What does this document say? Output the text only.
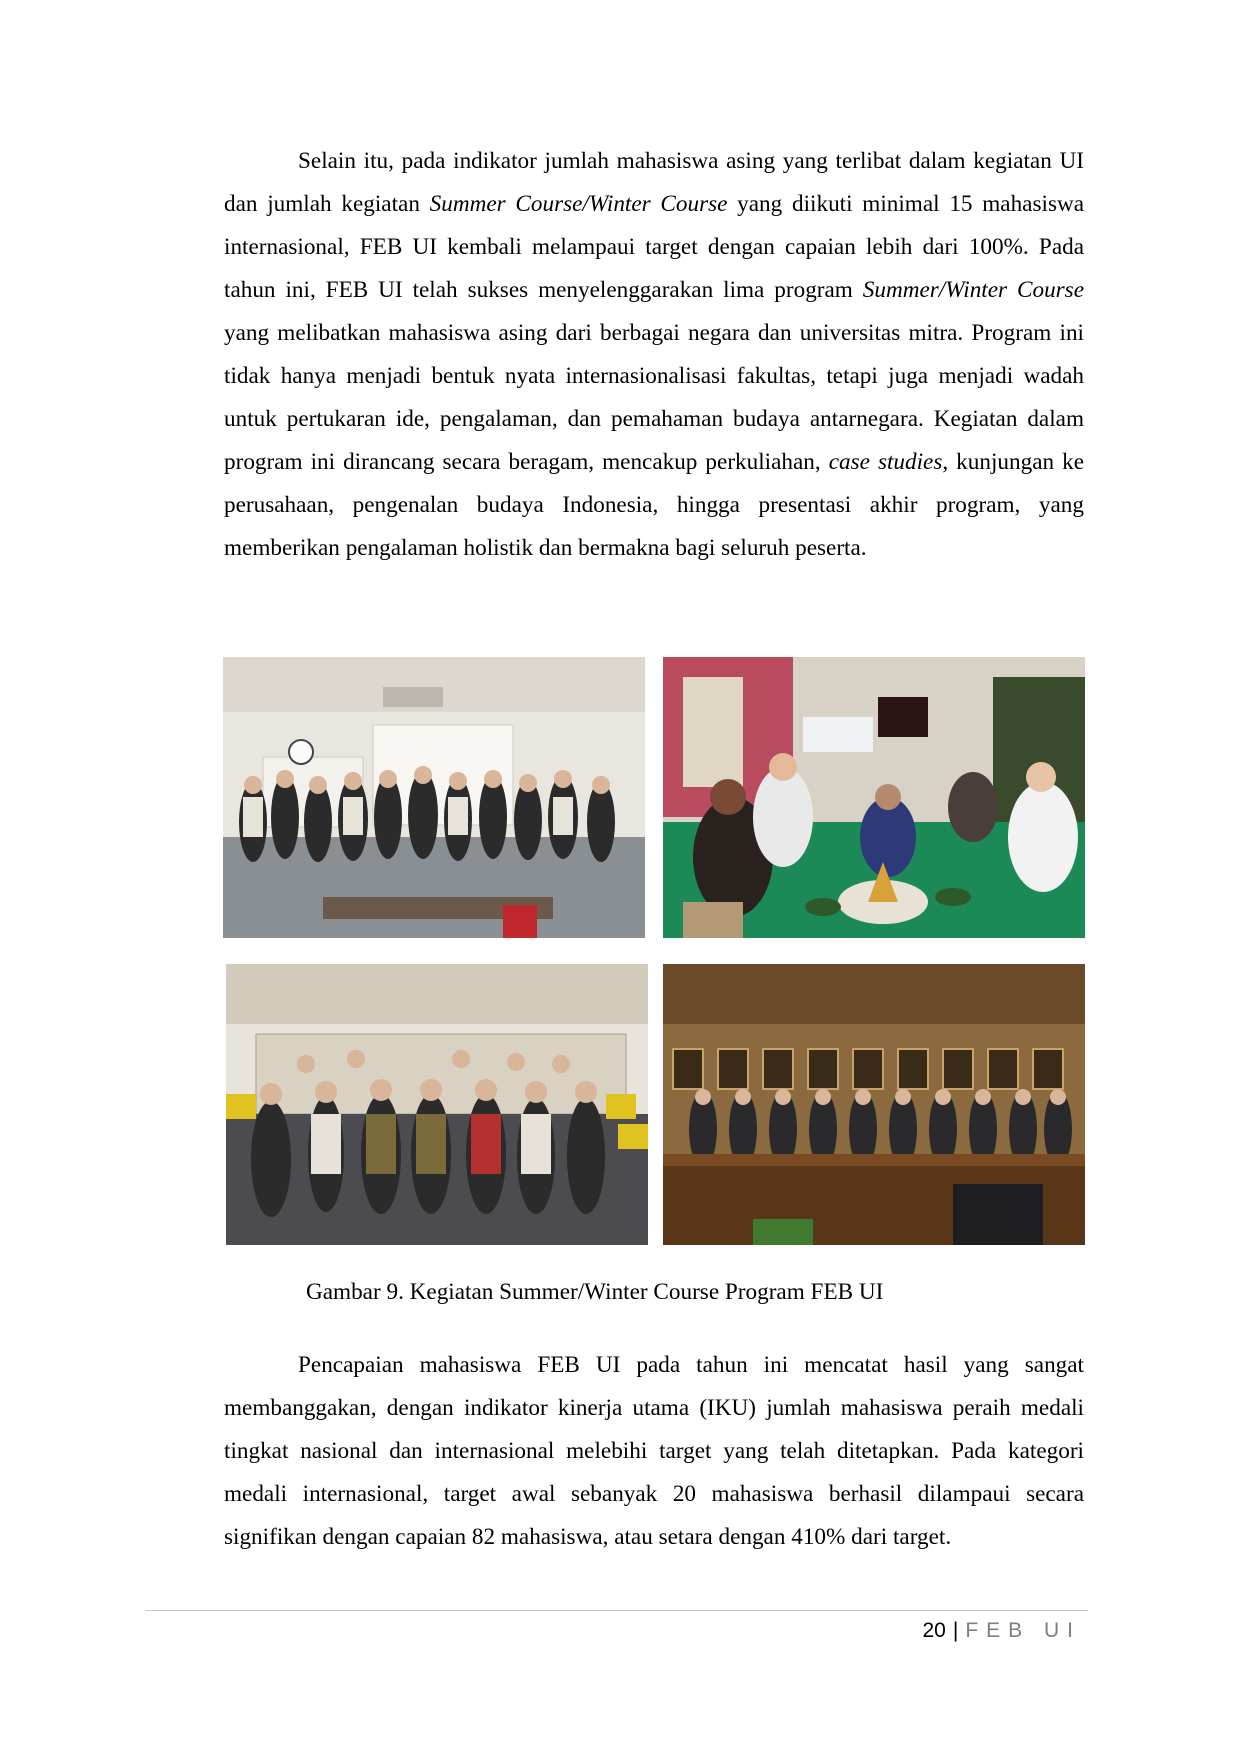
Selain itu, pada indikator jumlah mahasiswa asing yang terlibat dalam kegiatan UI dan jumlah kegiatan Summer Course/Winter Course yang diikuti minimal 15 mahasiswa internasional, FEB UI kembali melampaui target dengan capaian lebih dari 100%. Pada tahun ini, FEB UI telah sukses menyelenggarakan lima program Summer/Winter Course yang melibatkan mahasiswa asing dari berbagai negara dan universitas mitra. Program ini tidak hanya menjadi bentuk nyata internasionalisasi fakultas, tetapi juga menjadi wadah untuk pertukaran ide, pengalaman, dan pemahaman budaya antarnegara. Kegiatan dalam program ini dirancang secara beragam, mencakup perkuliahan, case studies, kunjungan ke perusahaan, pengenalan budaya Indonesia, hingga presentasi akhir program, yang memberikan pengalaman holistik dan bermakna bagi seluruh peserta.

Gambar 9. Kegiatan Summer/Winter Course Program FEB UI

Pencapaian mahasiswa FEB UI pada tahun ini mencatat hasil yang sangat membanggakan, dengan indikator kinerja utama (IKU) jumlah mahasiswa peraih medali tingkat nasional dan internasional melebihi target yang telah ditetapkan. Pada kategori medali internasional, target awal sebanyak 20 mahasiswa berhasil dilampaui secara signifikan dengan capaian 82 mahasiswa, atau setara dengan 410% dari target.

20 | FEB UI
